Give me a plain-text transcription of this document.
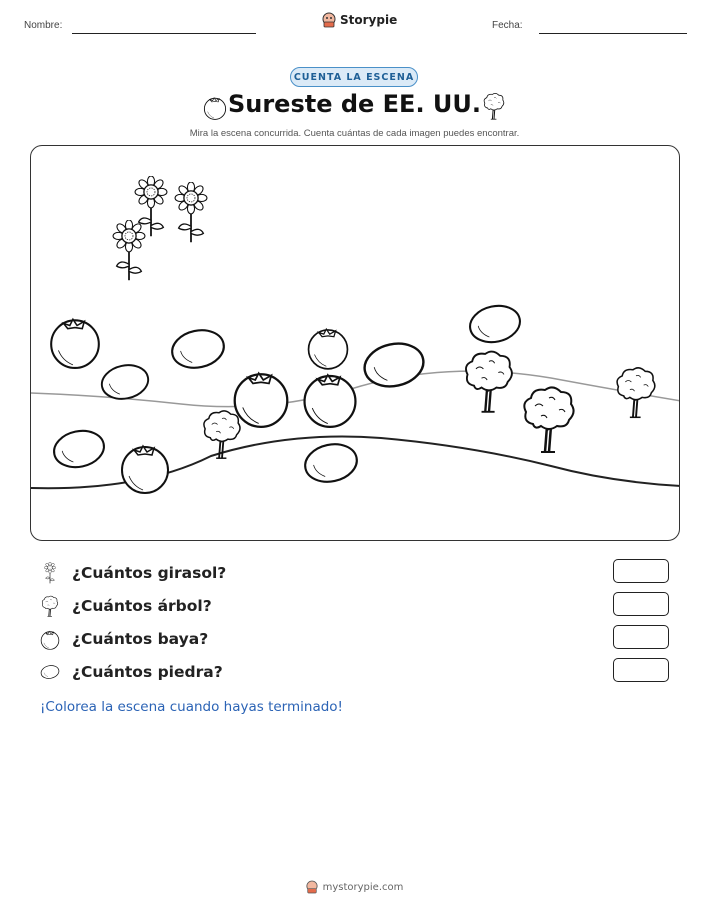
Nombre:	Storypie	Fecha:
CUENTA LA ESCENA
Sureste de EE. UU.
Mira la escena concurrida. Cuenta cuántas de cada imagen puedes encontrar.
¿Cuántos girasol?
¿Cuántos árbol?
¿Cuántos baya?
¿Cuántos piedra?
¡Colorea la escena cuando hayas terminado!
mystorypie.com
